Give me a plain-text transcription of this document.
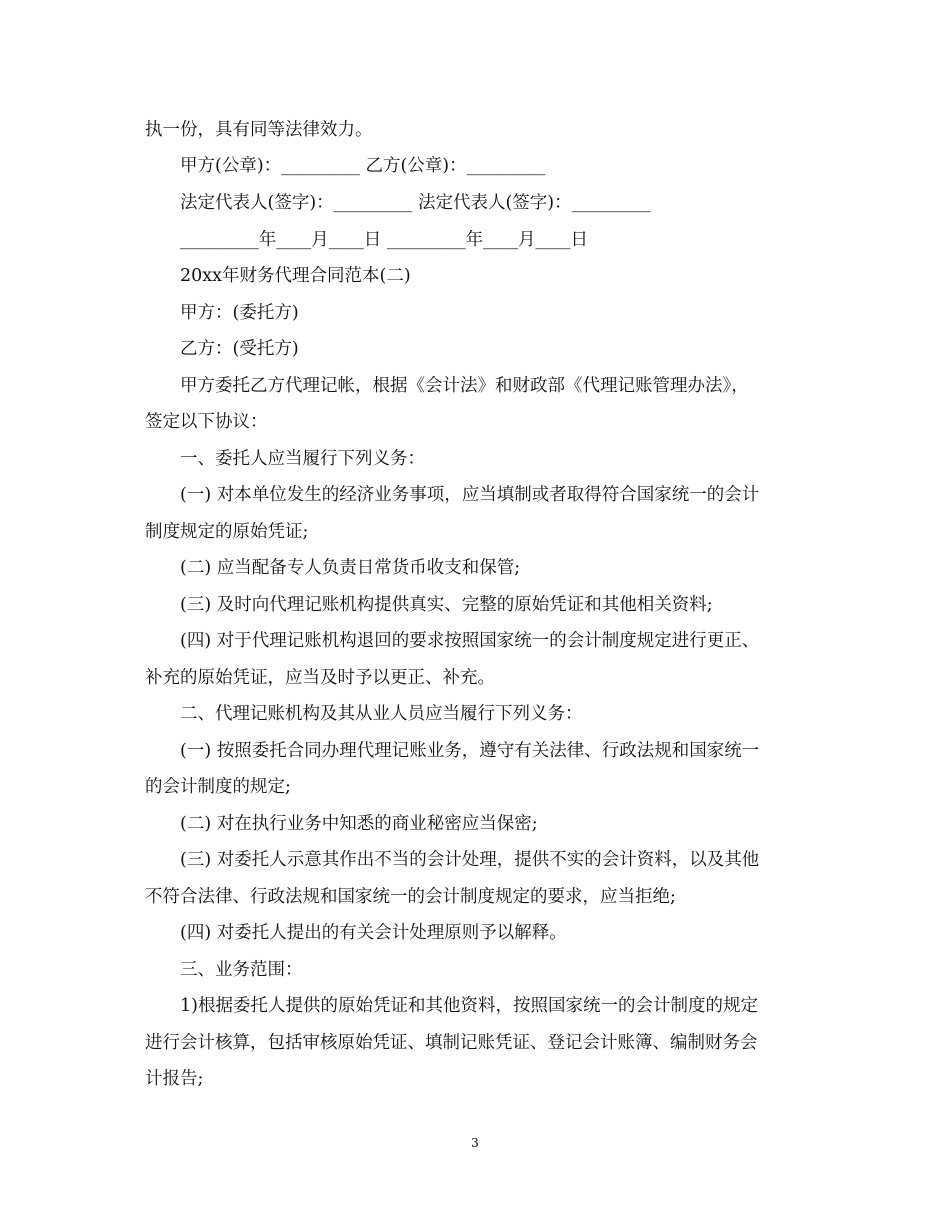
执一份，具有同等法律效力。
甲方(公章)：_________ 乙方(公章)：_________
法定代表人(签字)：_________ 法定代表人(签字)：_________
_________年____月____日 _________年____月____日
20xx年财务代理合同范本(二)
甲方：(委托方)
乙方：(受托方)
甲方委托乙方代理记帐，根据《会计法》和财政部《代理记账管理办法》，
签定以下协议：
一、委托人应当履行下列义务：
(一) 对本单位发生的经济业务事项，应当填制或者取得符合国家统一的会计
制度规定的原始凭证;
(二) 应当配备专人负责日常货币收支和保管;
(三) 及时向代理记账机构提供真实、完整的原始凭证和其他相关资料;
(四) 对于代理记账机构退回的要求按照国家统一的会计制度规定进行更正、
补充的原始凭证，应当及时予以更正、补充。
二、代理记账机构及其从业人员应当履行下列义务：
(一) 按照委托合同办理代理记账业务，遵守有关法律、行政法规和国家统一
的会计制度的规定;
(二) 对在执行业务中知悉的商业秘密应当保密;
(三) 对委托人示意其作出不当的会计处理，提供不实的会计资料，以及其他
不符合法律、行政法规和国家统一的会计制度规定的要求，应当拒绝;
(四) 对委托人提出的有关会计处理原则予以解释。
三、业务范围：
1)根据委托人提供的原始凭证和其他资料，按照国家统一的会计制度的规定
进行会计核算，包括审核原始凭证、填制记账凭证、登记会计账簿、编制财务会
计报告;
3
